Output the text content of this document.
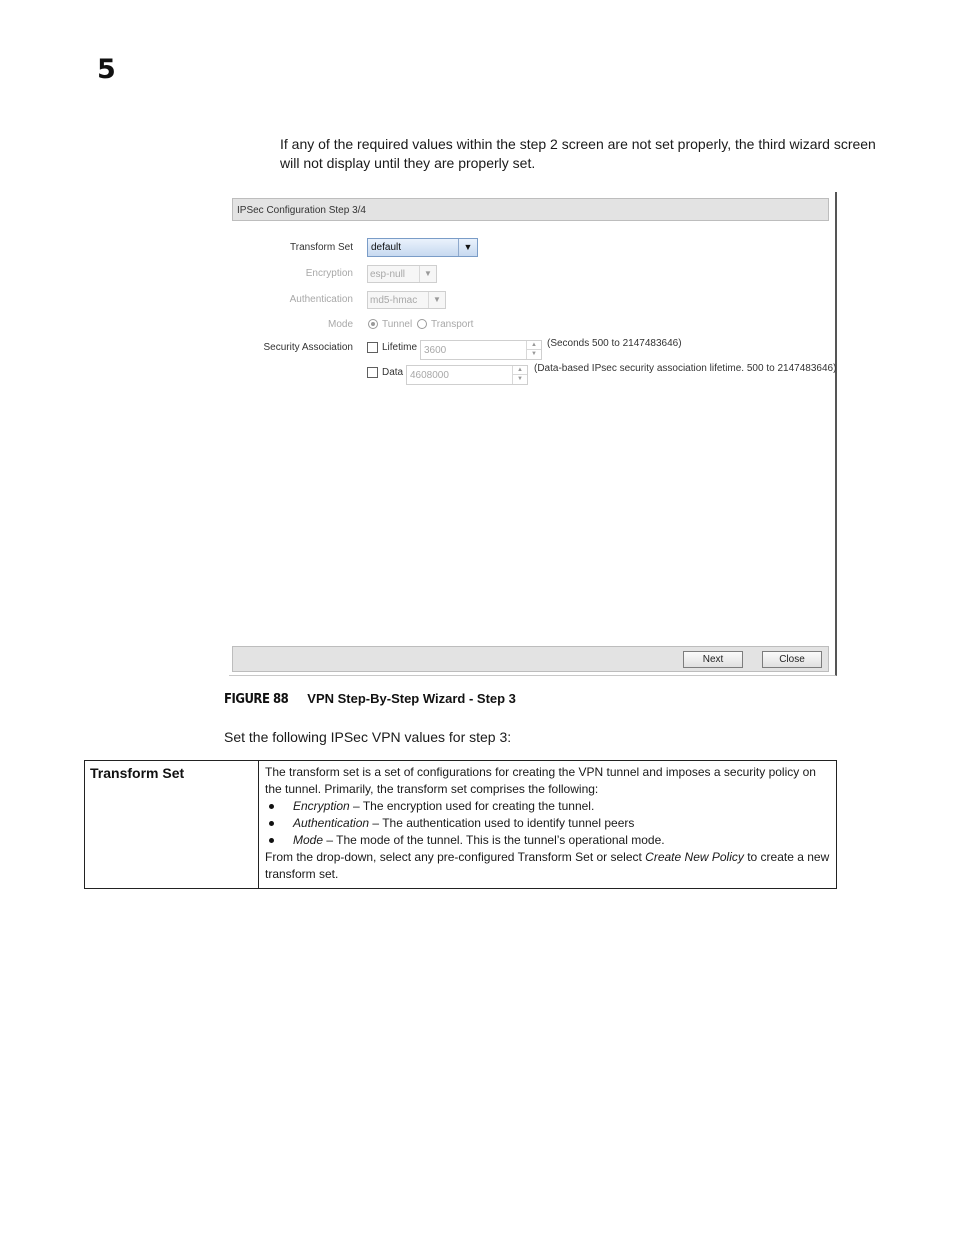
5
If any of the required values within the step 2 screen are not set properly, the third wizard screen will not display until they are properly set.
IPSec Configuration Step 3/4
Transform Set	default	▼
Encryption	esp-null	▼
Authentication	md5-hmac	▼
Mode	Tunnel Transport
Security Association	Lifetime 3600	▲
▼
(Seconds 500 to 2147483646)
Data 4608000	▲
▼
(Data-based IPsec security association lifetime. 500 to 2147483646)
Next	Close
FIGURE 88 VPN Step-By-Step Wizard - Step 3
Set the following IPSec VPN values for step 3:
Transform Set	The transform set is a set of configurations for creating the VPN tunnel and imposes a security policy on the tunnel. Primarily, the transform set comprises the following:
Encryption – The encryption used for creating the tunnel.
Authentication – The authentication used to identify tunnel peers
Mode – The mode of the tunnel. This is the tunnel’s operational mode.
From the drop-down, select any pre-configured Transform Set or select Create New Policy to create a new transform set.
